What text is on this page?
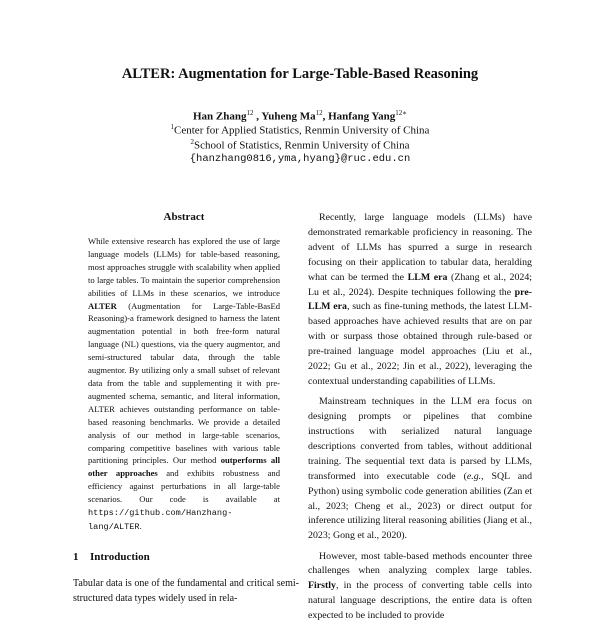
ALTER: Augmentation for Large-Table-Based Reasoning
Han Zhang$^{12}$ , Yuheng Ma$^{12}$, Hanfang Yang$^{12∗}$
$^1$Center for Applied Statistics, Renmin University of China
$^2$School of Statistics, Renmin University of China
{hanzhang0816,yma,hyang}@ruc.edu.cn
Abstract
While extensive research has explored the use of large language models (LLMs) for table-based reasoning, most approaches struggle with scalability when applied to large tables. To maintain the superior comprehension abilities of LLMs in these scenarios, we introduce ALTER (Augmentation for Large-Table-BasEd Reasoning)-a framework designed to harness the latent augmentation potential in both free-form natural language (NL) questions, via the query augmentor, and semi-structured tabular data, through the table augmentor. By utilizing only a small subset of relevant data from the table and supplementing it with pre-augmented schema, semantic, and literal information, ALTER achieves outstanding performance on table-based reasoning benchmarks. We provide a detailed analysis of our method in large-table scenarios, comparing competitive baselines with various table partitioning principles. Our method outperforms all other approaches and exhibits robustness and efficiency against perturbations in all large-table scenarios. Our code is available at https://github.com/Hanzhang-lang/ALTER.
1 Introduction
Tabular data is one of the fundamental and critical semi-structured data types widely used in rela-

Recently, large language models (LLMs) have demonstrated remarkable proficiency in reasoning. The advent of LLMs has spurred a surge in research focusing on their application to tabular data, heralding what can be termed the LLM era (Zhang et al., 2024; Lu et al., 2024). Despite techniques following the pre-LLM era, such as fine-tuning methods, the latest LLM-based approaches have achieved results that are on par with or surpass those obtained through rule-based or pre-trained language model approaches (Liu et al., 2022; Gu et al., 2022; Jin et al., 2022), leveraging the contextual understanding capabilities of LLMs.

Mainstream techniques in the LLM era focus on designing prompts or pipelines that combine instructions with serialized natural language descriptions converted from tables, without additional training. The sequential text data is parsed by LLMs, transformed into executable code (e.g., SQL and Python) using symbolic code generation abilities (Zan et al., 2023; Cheng et al., 2023) or direct output for inference utilizing literal reasoning abilities (Jiang et al., 2023; Gong et al., 2020).

However, most table-based methods encounter three challenges when analyzing complex large tables. Firstly, in the process of converting table cells into natural language descriptions, the entire data is often expected to be included to provide
